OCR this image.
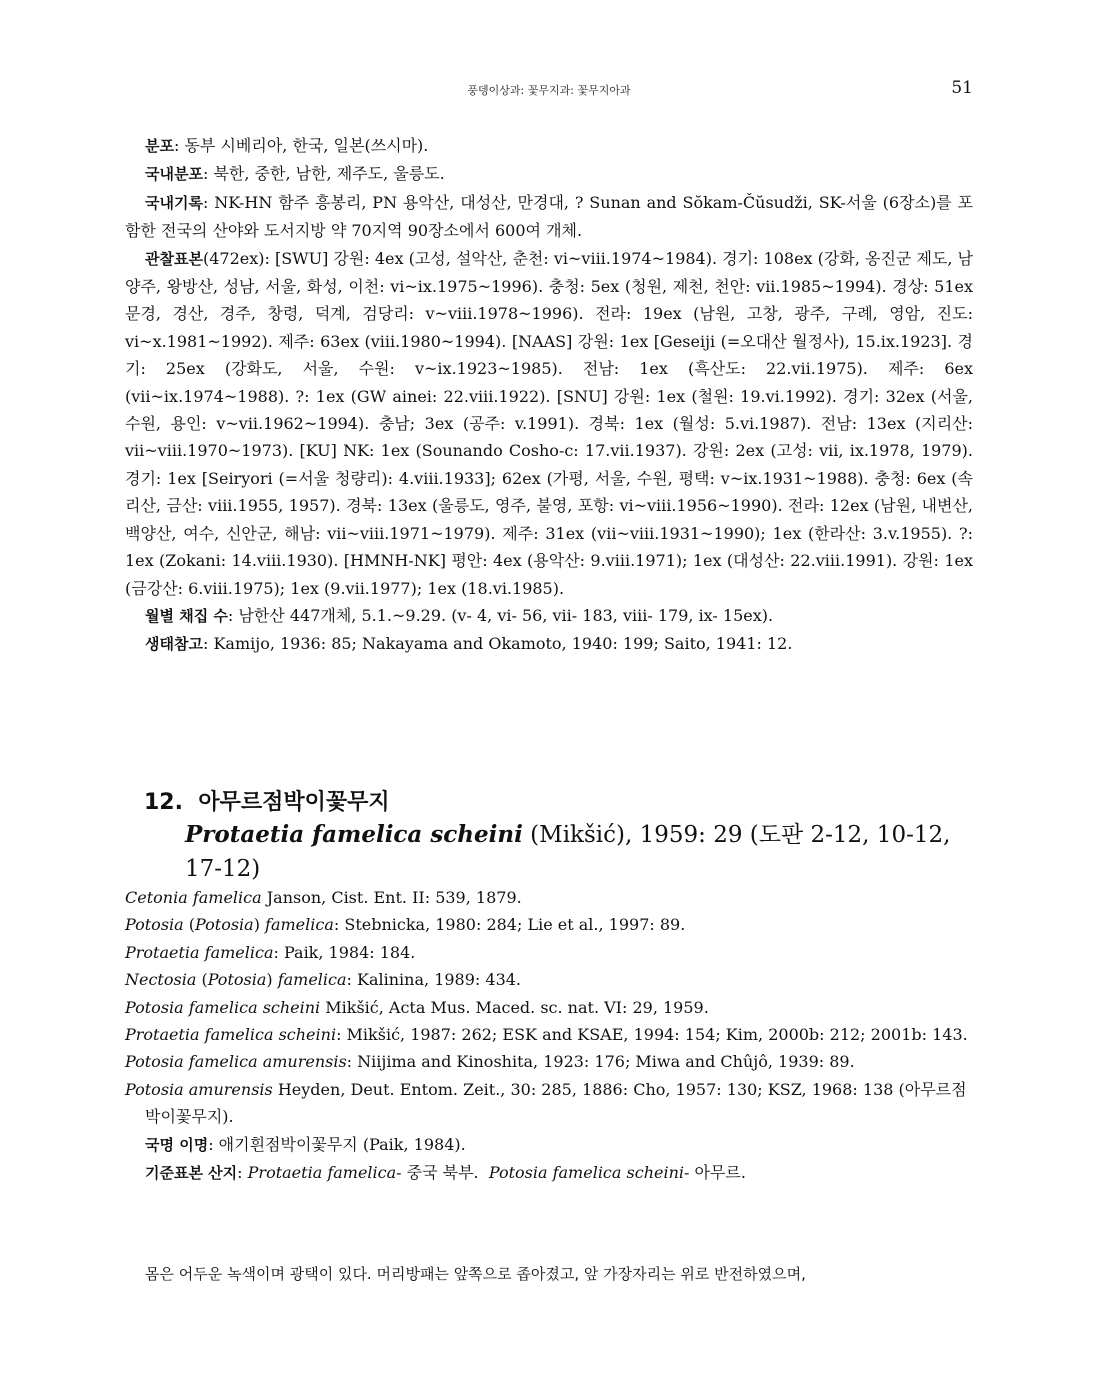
풍뎅이상과: 꽃무지과: 꽃무지아과	51

분포: 동부 시베리아, 한국, 일본(쓰시마).

국내분포: 북한, 중한, 남한, 제주도, 울릉도.

국내기록: NK-HN 함주 흥봉리, PN 용악산, 대성산, 만경대, ? Sunan and Sŏkam-Čŭsudži, SK-서울 (6장소)를 포함한 전국의 산야와 도서지방 약 70지역 90장소에서 600여 개체.

관찰표본(472ex): [SWU] 강원: 4ex (고성, 설악산, 춘천: vi~viii.1974~1984). 경기: 108ex (강화, 옹진군 제도, 남양주, 왕방산, 성남, 서울, 화성, 이천: vi~ix.1975~1996). 충청: 5ex (청원, 제천, 천안: vii.1985~1994). 경상: 51ex 문경, 경산, 경주, 창령, 덕계, 검당리: v~viii.1978~1996). 전라: 19ex (남원, 고창, 광주, 구례, 영암, 진도: vi~x.1981~1992). 제주: 63ex (viii.1980~1994). [NAAS] 강원: 1ex [Geseiji (=오대산 월정사), 15.ix.1923]. 경기: 25ex (강화도, 서울, 수원: v~ix.1923~1985). 전남: 1ex (흑산도: 22.vii.1975). 제주: 6ex (vii~ix.1974~1988). ?: 1ex (GW ainei: 22.viii.1922). [SNU] 강원: 1ex (철원: 19.vi.1992). 경기: 32ex (서울, 수원, 용인: v~vii.1962~1994). 충남; 3ex (공주: v.1991). 경북: 1ex (월성: 5.vi.1987). 전남: 13ex (지리산: vii~viii.1970~1973). [KU] NK: 1ex (Sounando Cosho-c: 17.vii.1937). 강원: 2ex (고성: vii, ix.1978, 1979). 경기: 1ex [Seiryori (=서울 청량리): 4.viii.1933]; 62ex (가평, 서울, 수원, 평택: v~ix.1931~1988). 충청: 6ex (속리산, 금산: viii.1955, 1957). 경북: 13ex (울릉도, 영주, 불영, 포항: vi~viii.1956~1990). 전라: 12ex (남원, 내변산, 백양산, 여수, 신안군, 해남: vii~viii.1971~1979). 제주: 31ex (vii~viii.1931~1990); 1ex (한라산: 3.v.1955). ?: 1ex (Zokani: 14.viii.1930). [HMNH-NK] 평안: 4ex (용악산: 9.viii.1971); 1ex (대성산: 22.viii.1991). 강원: 1ex (금강산: 6.viii.1975); 1ex (9.vii.1977); 1ex (18.vi.1985).

월별 채집 수: 남한산 447개체, 5.1.~9.29. (v- 4, vi- 56, vii- 183, viii- 179, ix- 15ex).

생태참고: Kamijo, 1936: 85; Nakayama and Okamoto, 1940: 199; Saito, 1941: 12.

12. 아무르점박이꽃무지
Protaetia famelica scheini (Mikšić), 1959: 29 (도판 2-12, 10-12, 17-12)

Cetonia famelica Janson, Cist. Ent. II: 539, 1879.

Potosia (Potosia) famelica: Stebnicka, 1980: 284; Lie et al., 1997: 89.

Protaetia famelica: Paik, 1984: 184.

Nectosia (Potosia) famelica: Kalinina, 1989: 434.

Potosia famelica scheini Mikšić, Acta Mus. Maced. sc. nat. VI: 29, 1959.

Protaetia famelica scheini: Mikšić, 1987: 262; ESK and KSAE, 1994: 154; Kim, 2000b: 212; 2001b: 143.

Potosia famelica amurensis: Niijima and Kinoshita, 1923: 176; Miwa and Chûjô, 1939: 89.

Potosia amurensis Heyden, Deut. Entom. Zeit., 30: 285, 1886: Cho, 1957: 130; KSZ, 1968: 138 (아무르점박이꽃무지).

국명 이명: 애기흰점박이꽃무지 (Paik, 1984).

기준표본 산지: Protaetia famelica- 중국 북부. Potosia famelica scheini- 아무르.

몸은 어두운 녹색이며 광택이 있다. 머리방패는 앞쪽으로 좁아졌고, 앞 가장자리는 위로 반전하였으며,
